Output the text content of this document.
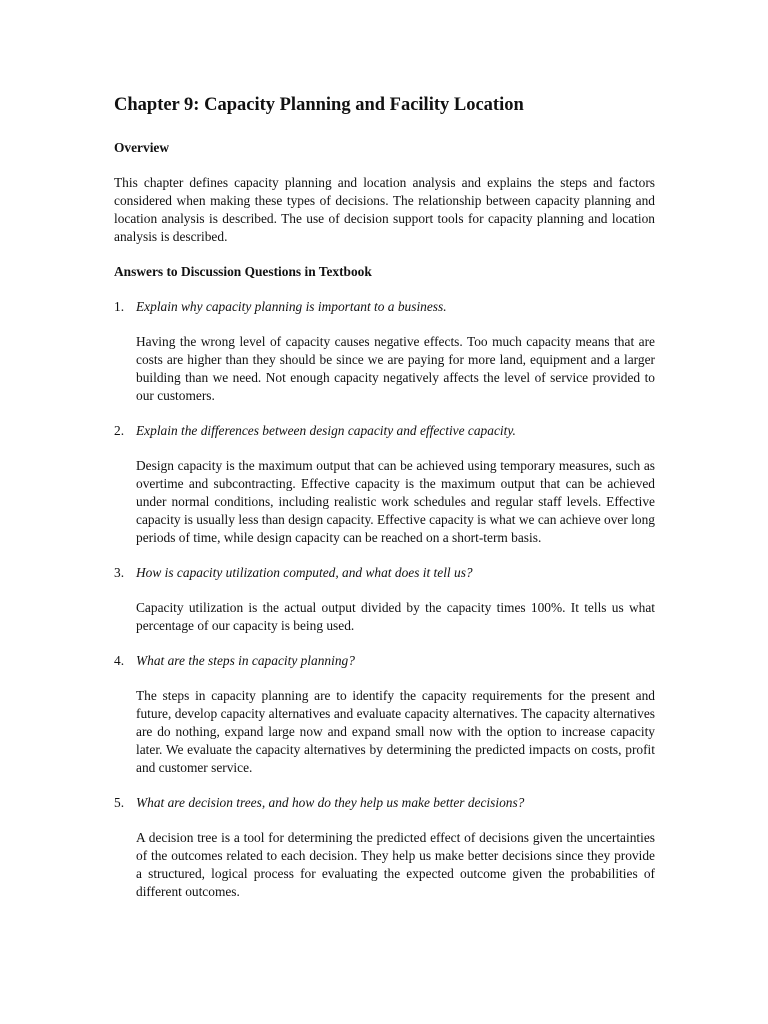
Chapter 9: Capacity Planning and Facility Location
Overview

This chapter defines capacity planning and location analysis and explains the steps and factors considered when making these types of decisions. The relationship between capacity planning and location analysis is described. The use of decision support tools for capacity planning and location analysis is described.

Answers to Discussion Questions in Textbook
1. Explain why capacity planning is important to a business.

Having the wrong level of capacity causes negative effects. Too much capacity means that are costs are higher than they should be since we are paying for more land, equipment and a larger building than we need. Not enough capacity negatively affects the level of service provided to our customers.

2. Explain the differences between design capacity and effective capacity.

Design capacity is the maximum output that can be achieved using temporary measures, such as overtime and subcontracting. Effective capacity is the maximum output that can be achieved under normal conditions, including realistic work schedules and regular staff levels. Effective capacity is usually less than design capacity. Effective capacity is what we can achieve over long periods of time, while design capacity can be reached on a short-term basis.

3. How is capacity utilization computed, and what does it tell us?

Capacity utilization is the actual output divided by the capacity times 100%. It tells us what percentage of our capacity is being used.

4. What are the steps in capacity planning?

The steps in capacity planning are to identify the capacity requirements for the present and future, develop capacity alternatives and evaluate capacity alternatives. The capacity alternatives are do nothing, expand large now and expand small now with the option to increase capacity later. We evaluate the capacity alternatives by determining the predicted impacts on costs, profit and customer service.

5. What are decision trees, and how do they help us make better decisions?

A decision tree is a tool for determining the predicted effect of decisions given the uncertainties of the outcomes related to each decision. They help us make better decisions since they provide a structured, logical process for evaluating the expected outcome given the probabilities of different outcomes.
